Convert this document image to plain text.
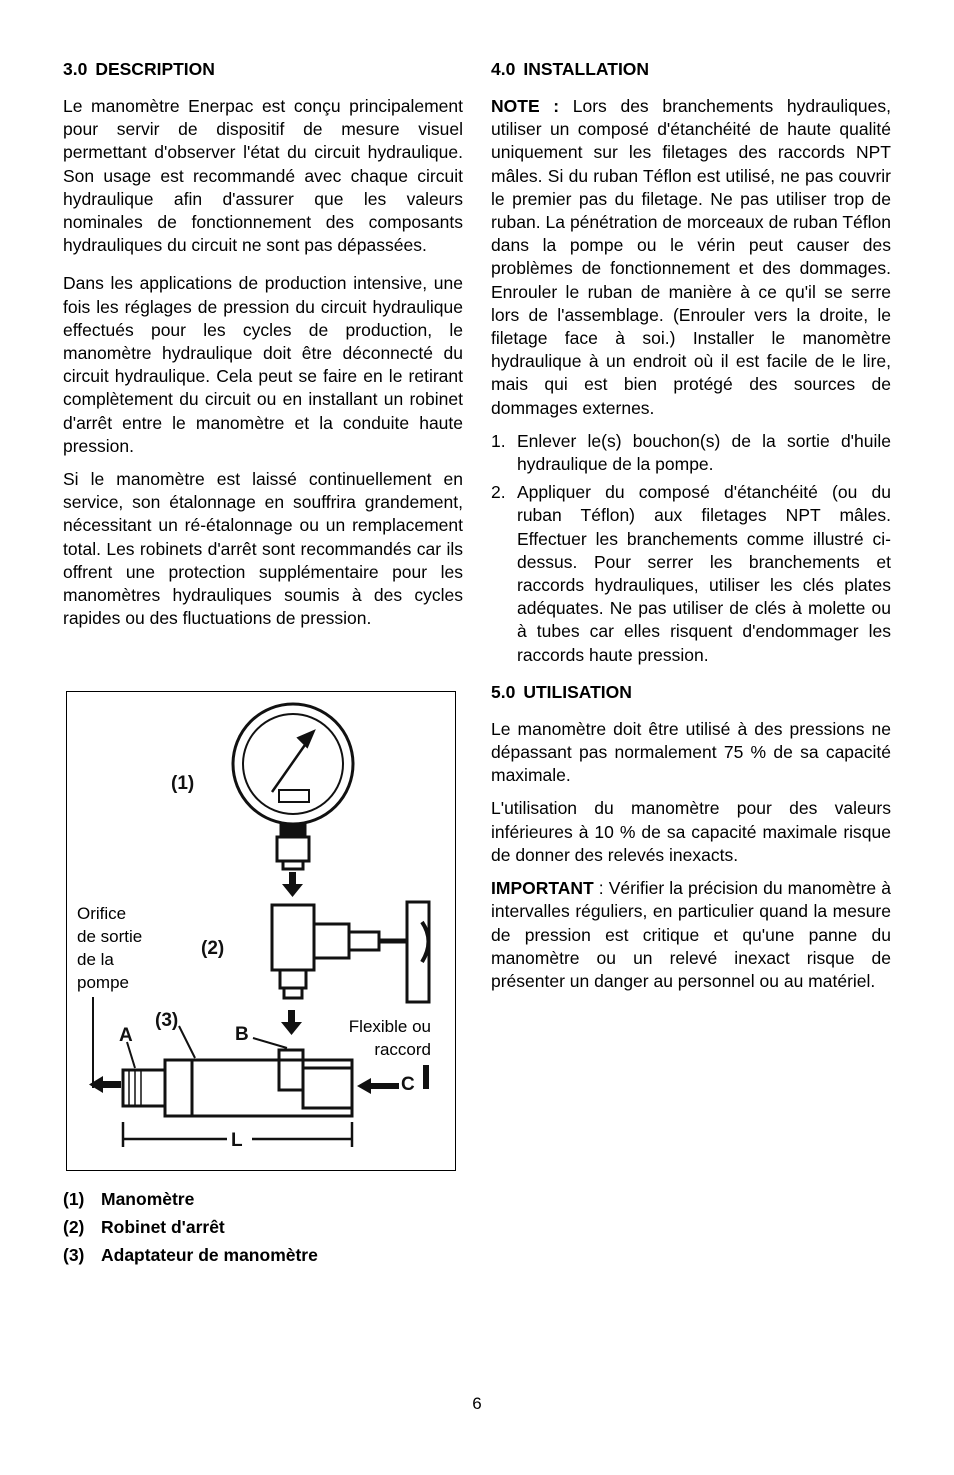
3.0 DESCRIPTION

Le manomètre Enerpac est conçu principalement pour servir de dispositif de mesure visuel permettant d'observer l'état du circuit hydraulique. Son usage est recommandé avec chaque circuit hydraulique afin d'assurer que les valeurs nominales de fonctionnement des composants hydrauliques du circuit ne sont pas dépassées.

Dans les applications de production intensive, une fois les réglages de pression du circuit hydraulique effectués pour les cycles de production, le manomètre hydraulique doit être déconnecté du circuit hydraulique. Cela peut se faire en le retirant complètement du circuit ou en installant un robinet d'arrêt entre le manomètre et la conduite haute pression.

Si le manomètre est laissé continuellement en service, son étalonnage en souffrira grandement, nécessitant un ré-étalonnage ou un remplacement total. Les robinets d'arrêt sont recommandés car ils offrent une protection supplémentaire pour les manomètres hydrauliques soumis à des cycles rapides ou des fluctuations de pression.

(1)
(2)
(3)
A	B
C
L
Orifice
de sortie
de la
pompe
Flexible ou
raccord
(1) Manomètre
(2) Robinet d'arrêt
(3) Adaptateur de manomètre
4.0 INSTALLATION

NOTE : Lors des branchements hydrauliques, utiliser un composé d'étanchéité de haute qualité uniquement sur les filetages des raccords NPT mâles. Si du ruban Téflon est utilisé, ne pas couvrir le premier pas du filetage. Ne pas utiliser trop de ruban. La pénétration de morceaux de ruban Téflon dans la pompe ou le vérin peut causer des problèmes de fonctionnement et des dommages. Enrouler le ruban de manière à ce qu'il se serre lors de l'assemblage. (Enrouler vers la droite, le filetage face à soi.) Installer le manomètre hydraulique à un endroit où il est facile de le lire, mais qui est bien protégé des sources de dommages externes.

1. Enlever le(s) bouchon(s) de la sortie d'huile hydraulique de la pompe.
2. Appliquer du composé d'étanchéité (ou du ruban Téflon) aux filetages NPT mâles. Effectuer les branchements comme illustré ci-dessus. Pour serrer les branchements et raccords hydrauliques, utiliser les clés plates adéquates. Ne pas utiliser de clés à molette ou à tubes car elles risquent d'endommager les raccords haute pression.
5.0 UTILISATION

Le manomètre doit être utilisé à des pressions ne dépassant pas normalement 75 % de sa capacité maximale.

L'utilisation du manomètre pour des valeurs inférieures à 10 % de sa capacité maximale risque de donner des relevés inexacts.

IMPORTANT : Vérifier la précision du manomètre à intervalles réguliers, en particulier quand la mesure de pression est critique et qu'une panne du manomètre ou un relevé inexact risque de présenter un danger au personnel ou au matériel.

6
